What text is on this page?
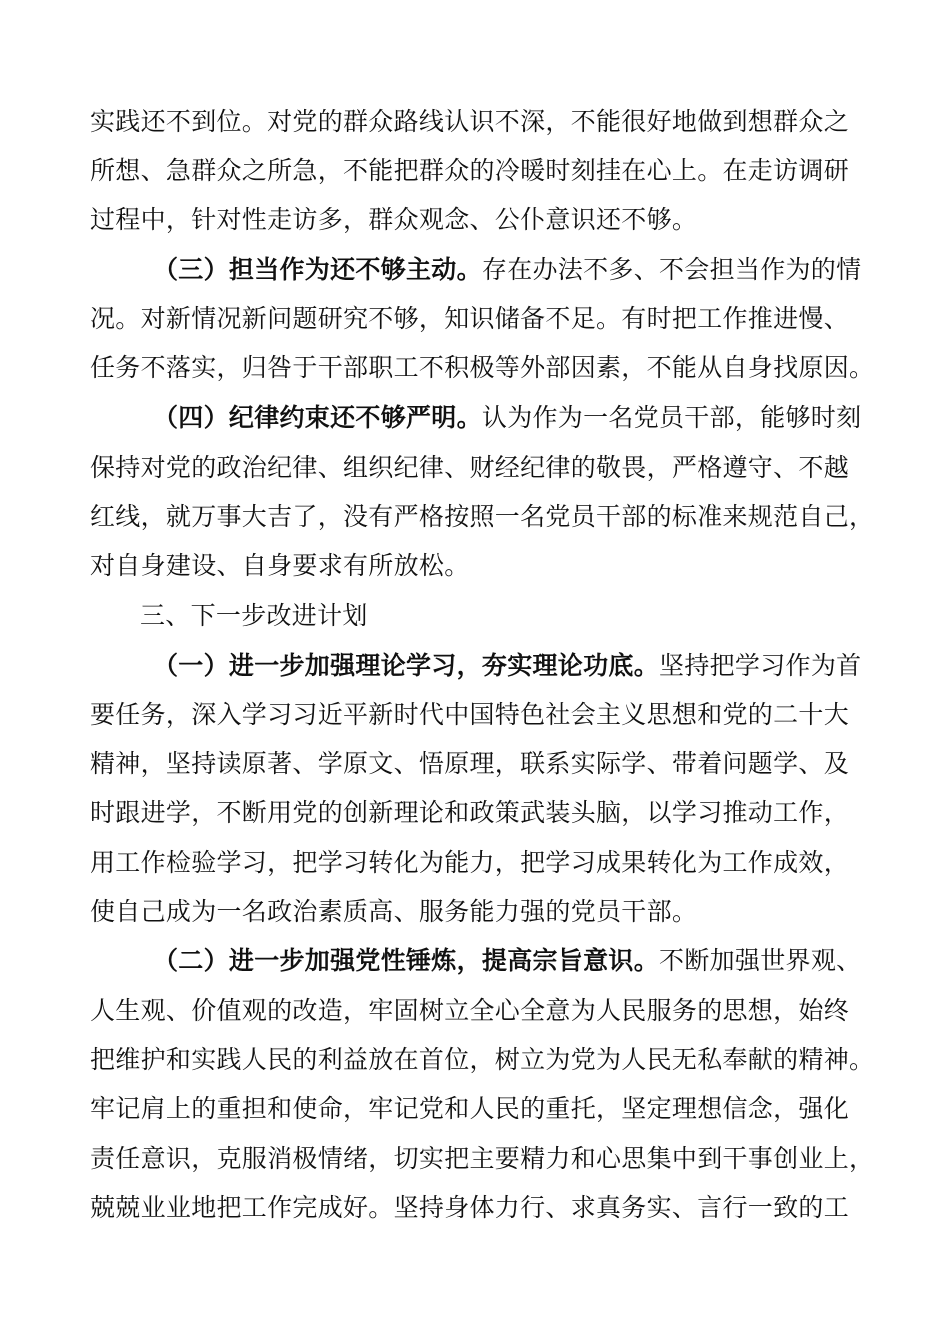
实践还不到位。对党的群众路线认识不深，不能很好地做到想群众之
所想、急群众之所急，不能把群众的冷暖时刻挂在心上。在走访调研
过程中，针对性走访多，群众观念、公仆意识还不够。
（三）担当作为还不够主动。存在办法不多、不会担当作为的情
况。对新情况新问题研究不够，知识储备不足。有时把工作推进慢、
任务不落实，归咎于干部职工不积极等外部因素，不能从自身找原因。
（四）纪律约束还不够严明。认为作为一名党员干部，能够时刻
保持对党的政治纪律、组织纪律、财经纪律的敬畏，严格遵守、不越
红线，就万事大吉了，没有严格按照一名党员干部的标准来规范自己，
对自身建设、自身要求有所放松。
三、下一步改进计划
（一）进一步加强理论学习，夯实理论功底。坚持把学习作为首
要任务，深入学习习近平新时代中国特色社会主义思想和党的二十大
精神，坚持读原著、学原文、悟原理，联系实际学、带着问题学、及
时跟进学，不断用党的创新理论和政策武装头脑，以学习推动工作，
用工作检验学习，把学习转化为能力，把学习成果转化为工作成效，
使自己成为一名政治素质高、服务能力强的党员干部。
（二）进一步加强党性锤炼，提高宗旨意识。不断加强世界观、
人生观、价值观的改造，牢固树立全心全意为人民服务的思想，始终
把维护和实践人民的利益放在首位，树立为党为人民无私奉献的精神。
牢记肩上的重担和使命，牢记党和人民的重托，坚定理想信念，强化
责任意识，克服消极情绪，切实把主要精力和心思集中到干事创业上，
兢兢业业地把工作完成好。坚持身体力行、求真务实、言行一致的工
